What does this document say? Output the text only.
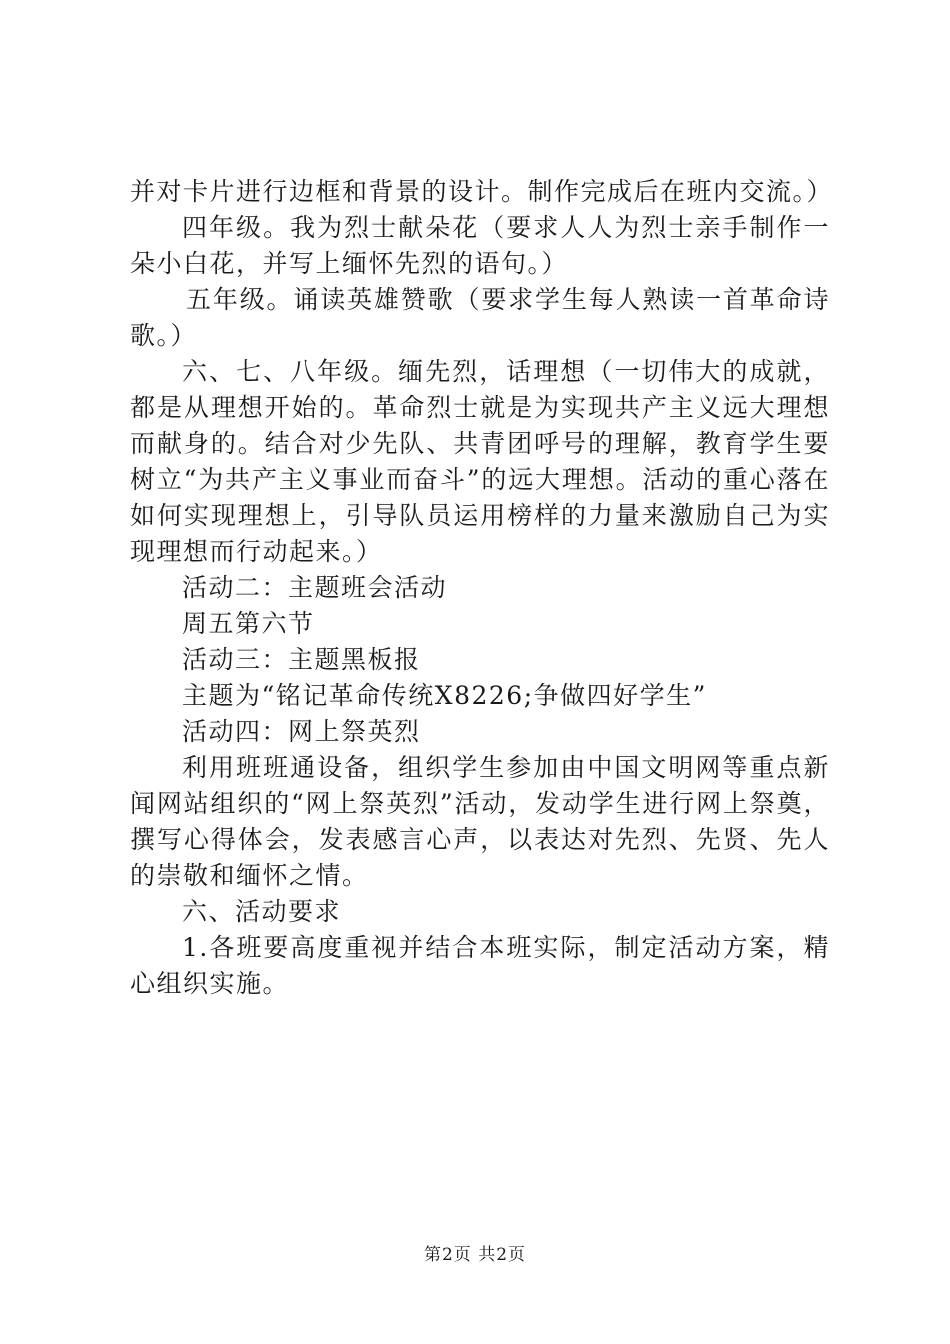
并对卡片进行边框和背景的设计。制作完成后在班内交流。）

四年级。我为烈士献朵花（要求人人为烈士亲手制作一朵小白花，并写上缅怀先烈的语句。）

五年级。诵读英雄赞歌（要求学生每人熟读一首革命诗歌。）

六、七、八年级。缅先烈，话理想（一切伟大的成就，都是从理想开始的。革命烈士就是为实现共产主义远大理想而献身的。结合对少先队、共青团呼号的理解，教育学生要树立“为共产主义事业而奋斗”的远大理想。活动的重心落在如何实现理想上，引导队员运用榜样的力量来激励自己为实现理想而行动起来。）

活动二：主题班会活动

周五第六节

活动三：主题黑板报

主题为“铭记革命传统X8226;争做四好学生”

活动四：网上祭英烈

利用班班通设备，组织学生参加由中国文明网等重点新闻网站组织的“网上祭英烈”活动，发动学生进行网上祭奠，撰写心得体会，发表感言心声，以表达对先烈、先贤、先人的崇敬和缅怀之情。

六、活动要求

1.各班要高度重视并结合本班实际，制定活动方案，精心组织实施。

第2页 共2页
